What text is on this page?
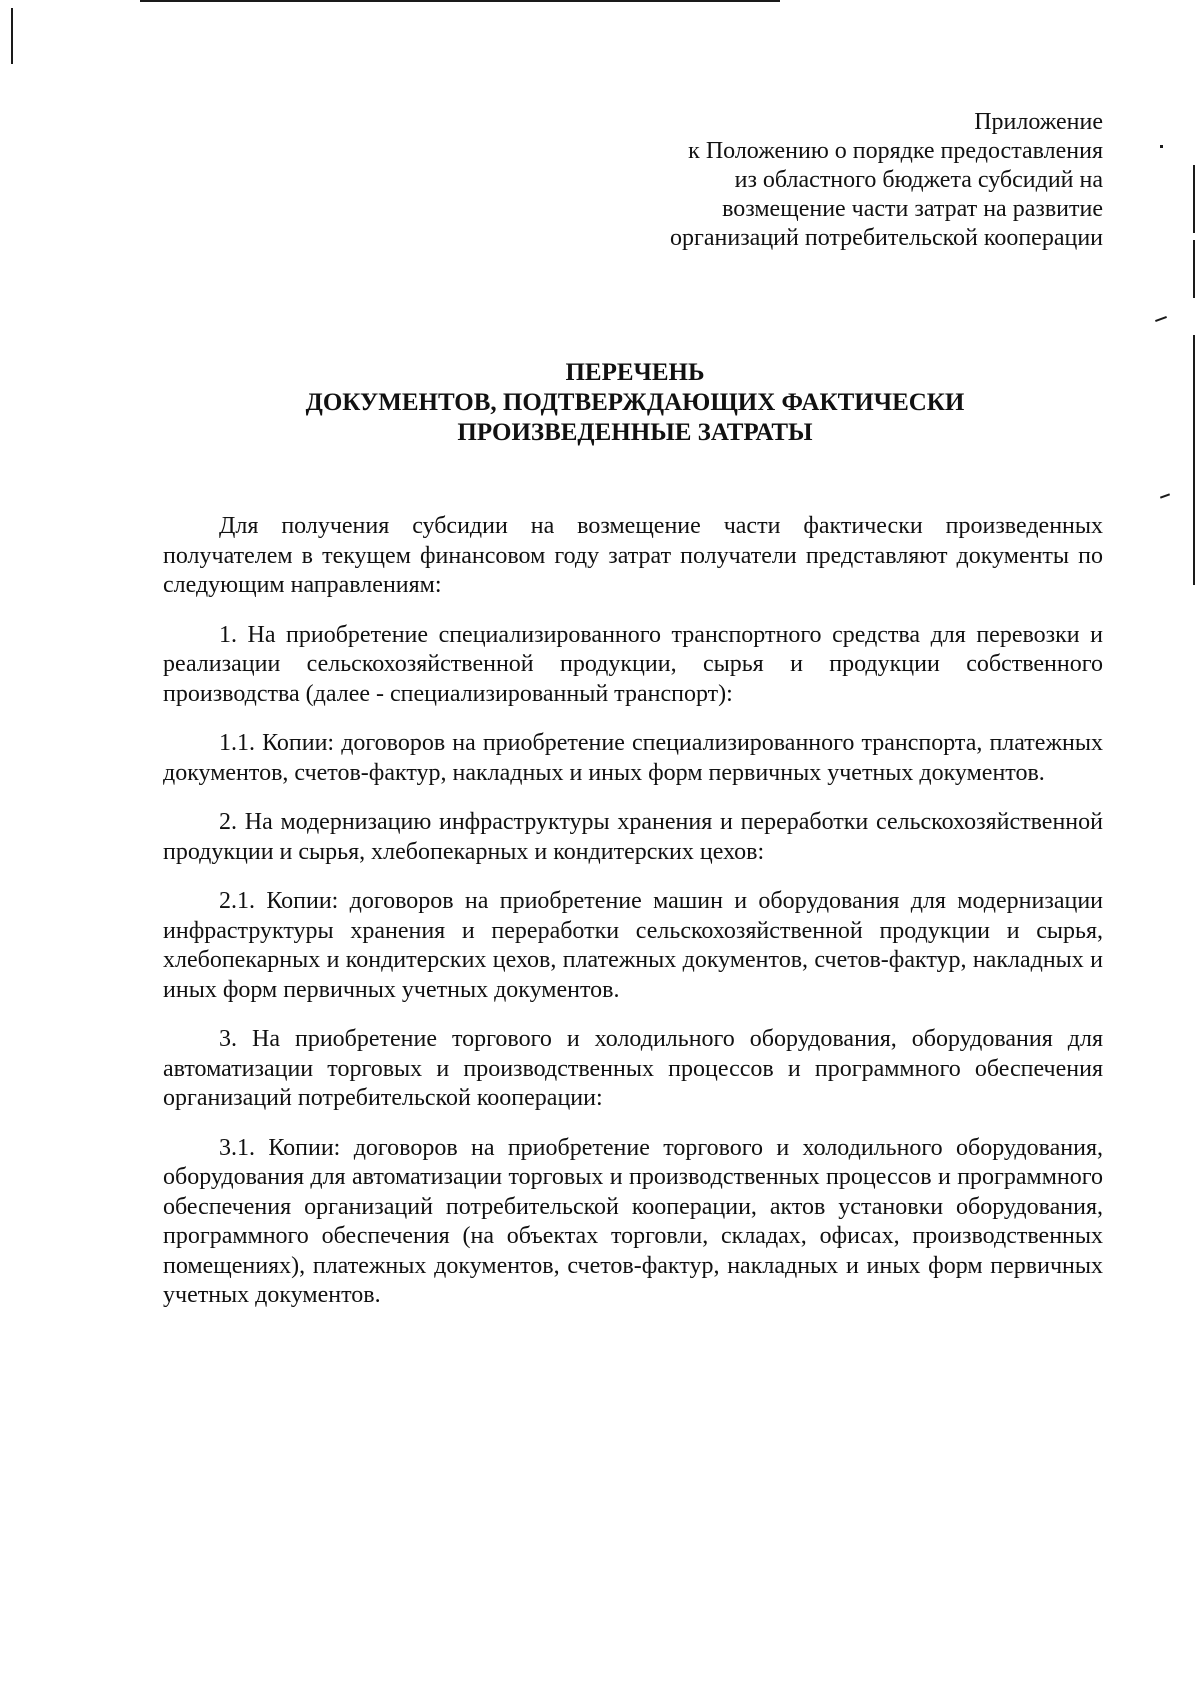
Приложение
к Положению о порядке предоставления
из областного бюджета субсидий на
возмещение части затрат на развитие
организаций потребительской кооперации
ПЕРЕЧЕНЬ
ДОКУМЕНТОВ, ПОДТВЕРЖДАЮЩИХ ФАКТИЧЕСКИ
ПРОИЗВЕДЕННЫЕ ЗАТРАТЫ

Для получения субсидии на возмещение части фактически произведенных получателем в текущем финансовом году затрат получатели представляют документы по следующим направлениям:

1. На приобретение специализированного транспортного средства для перевозки и реализации сельскохозяйственной продукции, сырья и продукции собственного производства (далее - специализированный транспорт):

1.1. Копии: договоров на приобретение специализированного транспорта, платежных документов, счетов-фактур, накладных и иных форм первичных учетных документов.

2. На модернизацию инфраструктуры хранения и переработки сельскохозяйственной продукции и сырья, хлебопекарных и кондитерских цехов:

2.1. Копии: договоров на приобретение машин и оборудования для модернизации инфраструктуры хранения и переработки сельскохозяйственной продукции и сырья, хлебопекарных и кондитерских цехов, платежных документов, счетов-фактур, накладных и иных форм первичных учетных документов.

3. На приобретение торгового и холодильного оборудования, оборудования для автоматизации торговых и производственных процессов и программного обеспечения организаций потребительской кооперации:

3.1. Копии: договоров на приобретение торгового и холодильного оборудования, оборудования для автоматизации торговых и производственных процессов и программного обеспечения организаций потребительской кооперации, актов установки оборудования, программного обеспечения (на объектах торговли, складах, офисах, производственных помещениях), платежных документов, счетов-фактур, накладных и иных форм первичных учетных документов.
